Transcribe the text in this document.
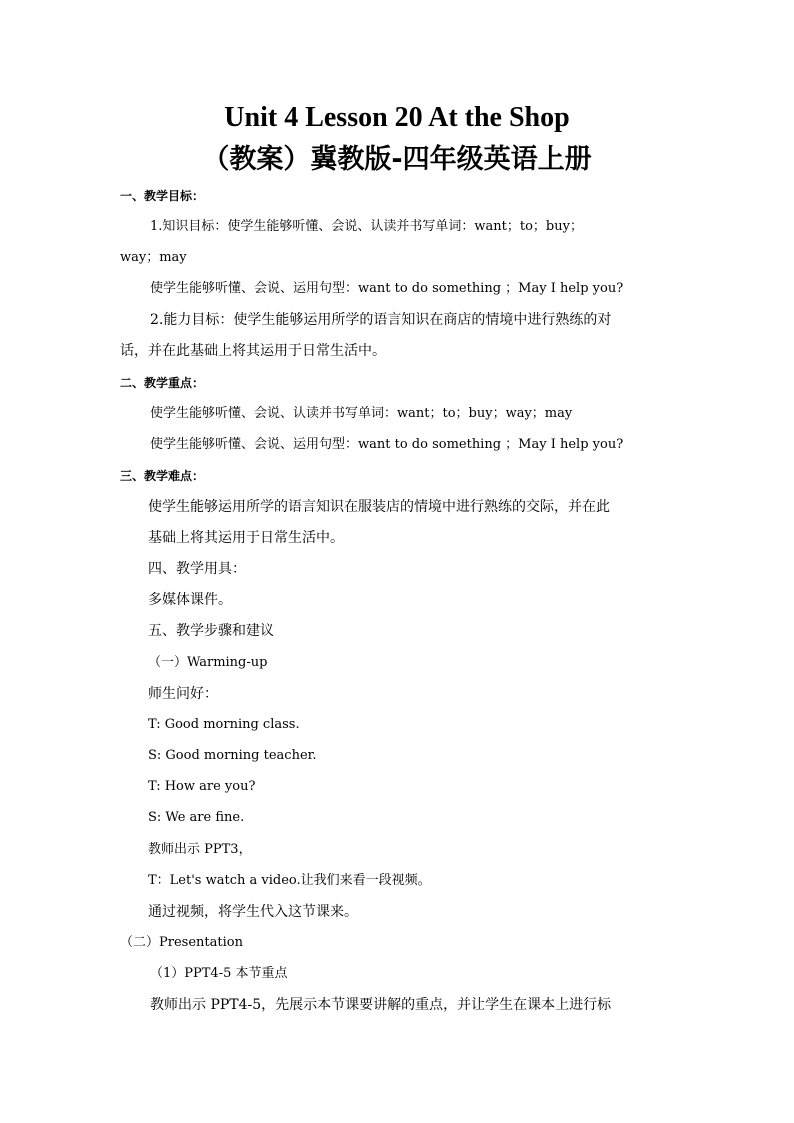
Unit 4 Lesson 20 At the Shop
（教案）冀教版-四年级英语上册
一、教学目标：
1.知识目标：使学生能够听懂、会说、认读并书写单词：want；to；buy；
way；may
使学生能够听懂、会说、运用句型：want to do something ；May I help you?
2.能力目标：使学生能够运用所学的语言知识在商店的情境中进行熟练的对
话，并在此基础上将其运用于日常生活中。
二、教学重点：
使学生能够听懂、会说、认读并书写单词：want；to；buy；way；may
使学生能够听懂、会说、运用句型：want to do something ；May I help you?
三、教学难点：
使学生能够运用所学的语言知识在服装店的情境中进行熟练的交际，并在此
基础上将其运用于日常生活中。
四、教学用具：
多媒体课件。
五、教学步骤和建议
（一）Warming-up
师生问好：
T: Good morning class.
S: Good morning teacher.
T: How are you?
S: We are fine.
教师出示 PPT3，
T：Let's watch a video.让我们来看一段视频。
通过视频，将学生代入这节课来。
（二）Presentation
（1）PPT4-5 本节重点
教师出示 PPT4-5，先展示本节课要讲解的重点，并让学生在课本上进行标
